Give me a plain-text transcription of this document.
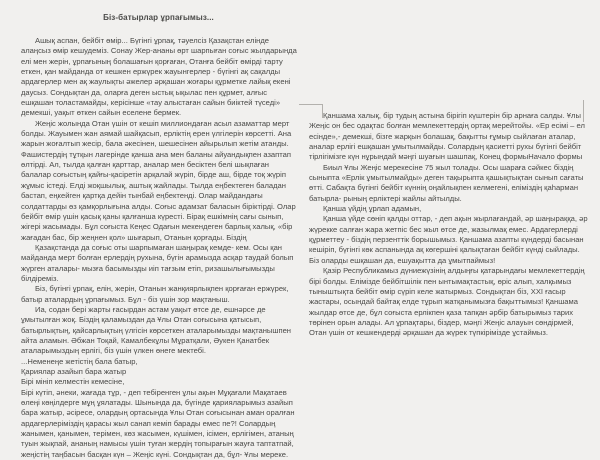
Біз-батырлар ұрпағымыз...

Ашық аспан, бейбіт өмір... Бүгінгі ұрпақ, тәуелсіз Қазақстан елінде алаңсыз өмір кешудеміз. Сонау Жер-ананы өрт шарпыған соғыс жылдарында елі мен жерін, ұрпағының болашағын қорғаған, Отанға бейбіт өмірді тарту еткен, қан майданда от кешкен ержүрек жауынгерлер - бүгінгі ақ сақалды ардагерлер мен ақ жаулықты әжелер әрқашан жоғары құрметке лайық екені даусыз. Сондықтан да, оларға деген ыстық ықылас пен құрмет, алғыс ешқашан толастамайды, керісінше «тау алыстаған сайын биіктей түседі» демекші, уақыт өткен сайын еселене бермек.

Жеңіс жолында Отан үшін от кешіп миллиондаған асыл азаматтар мерт болды. Жауымен жан аямай шайқасып, ерліктің ерен үлгілерін көрсетті. Ана жарын жоғалтып жесір, бала әкесінен, шешесінен айырылып жетім атанды. Фашистердің тұтқын лагерінде қанша ана мен баланы айуандықпен азаптап өлтірді. Ал, тылда қалған қарттар, аналар мен бесіктен белі шықпаған балалар соғыстың қайғы-қасіретін арқалай жүріп, бірде аш, бірде тоқ жүріп жұмыс істеді. Елді жоқшылық, аштық жайлады. Тылда еңбектеген баладан бастап, еңкейген қартқа дейін тынбай еңбектенді. Олар майдандағы солдаттарды өз қамқорлығына алды. Соғыс адамзат баласын біріктірді. Олар бейбіт өмір үшін қасық қаны қалғанша күресті. Бірақ ешкімнің сағы сынып, жігері жасымады. Бұл соғыста Кеңес Одағын мекендеген барлық халық, «бір жағадан бас, бір жеңнен қол» шығарып, Отанын қорғады. Біздің

Қазақстанда да соғыс оты шарпымаған шаңырақ кемде- кем. Осы қан майданда мерт болған ерлердің рухына, бүгін арамызда асқар таудай болып жүрген аталары- мызға басымызды иіп тағзым етіп, ризашылығымызды білдіреміз.

Біз, бүгінгі ұрпақ, елін, жерін, Отанын жанқиярлықпен қорғаған ержүрек, батыр аталардың ұрпағымыз. Бұл - біз үшін зор мақтаныш.

Иа, содан бері жарты ғасырдан астам уақыт өтсе де, ешнәрсе де ұмытылған жоқ. Біздің қаламыздан да Ұлы Отан соғысына қатысып, батырлықтың, қайсарлықтың үлгісін көрсеткен аталарымызды мақтанышпен айта аламын. Әбжан Тоқай, Камалбекұлы Мұратқали, Әукен Қанатбек аталарымыздың ерлігі, біз үшін үлкен өнеге мектебі.

...Неменеңе жетістің бала батыр,

Қариялар азайып бара жатыр

Бірі мініп келместін кемесіне,

Бірі күтіп, әнеки, жағада тұр, - деп тебіренген ұлы ақын Мұқағали Мақатаев өлеңі көңілдерге мұң ұялатады. Шынында да, бүгінде қарияларымыз азайып бара жатыр, әсіресе, олардың ортасында Ұлы Отан соғысынан аман оралған ардагерлеріміздің қарасы жыл санап кеміп барады емес пе?! Солардың жанымен, қанымен, терімен, көз жасымен, күшімен, ісімен, ерлігімен, атаның туын жықпай, ананың намысы үшін туған жердің топырағын жауға таптатпай, жеңістің таңбасын басқан күн – Жеңіс күні. Сондықтан да, бұл- Ұлы мереке.

Қаншама халық, бір тудың астына бірігіп күштерін бір арнаға салды. Ұлы Жеңіс он бес одақтас болған мемлекеттердің ортақ мерейтойы. «Ер есімі – ел есінде»,- демекші, бізге жарқын болашақ, бақытты ғұмыр сыйлаған аталар, аналар ерлігі ешқашан ұмытылмайды. Солардың қасиетті рухы бүгінгі бейбіт тірлігімізге күн нұрындай мәңгі шуағын шашпақ, Конец формыНачало формы

Биыл Ұлы Жеңіс мерекесіне 75 жыл толады. Осы шараға сәйкес біздің сыныпта «Ерлік ұмытылмайды» деген тақырыпта қашықтықтан сынып сағаты өтті. Сабақта бүгінгі бейбіт күннің оңайлықпен келмегені, еліміздің қаһарман батырла- рының ерліктері жайлы айтылды.

Қанша үйдің ұрлап адамын,

Қанша үйде сөніп қалды оттар, - деп ақын жырлағандай, әр шаңыраққа, әр жүрекке салған жара жетпіс бес жыл өтсе де, жазылмақ емес. Ардагерлерді құрметтеу - біздің перзенттік борышымыз. Қаншама азапты күндерді басынан кешіріп, бүгінгі көк аспанында ақ көгершіні қалықтаған бейбіт күнді сыйлады. Біз оларды ешқашан да, ешуақытта да ұмытпаймыз!

Қазір Республикамыз дүниежүзінің алдыңғы қатарындағы мемлекеттердің бірі болды. Елімізде бейбітшілік пен ынтымақтастық, өріс алып, халқымыз тыныштықта бейбіт өмір сүріп келе жатырмыз. Сондықтан біз, ХХІ ғасыр жастары, осындай байтақ елде тұрып жатқанымызға бақыттымыз! Қаншама жылдар өтсе де, бұл соғыста ерлікпен қаза тапқан әрбір батырымыз тарих төрінен орын алады. Ал ұрпақтары, біздер, мәңгі Жеңіс алауын сөндірмей, Отан үшін от кешкендерді әрқашан да жүрек түпкірімізде ұстаймыз.
